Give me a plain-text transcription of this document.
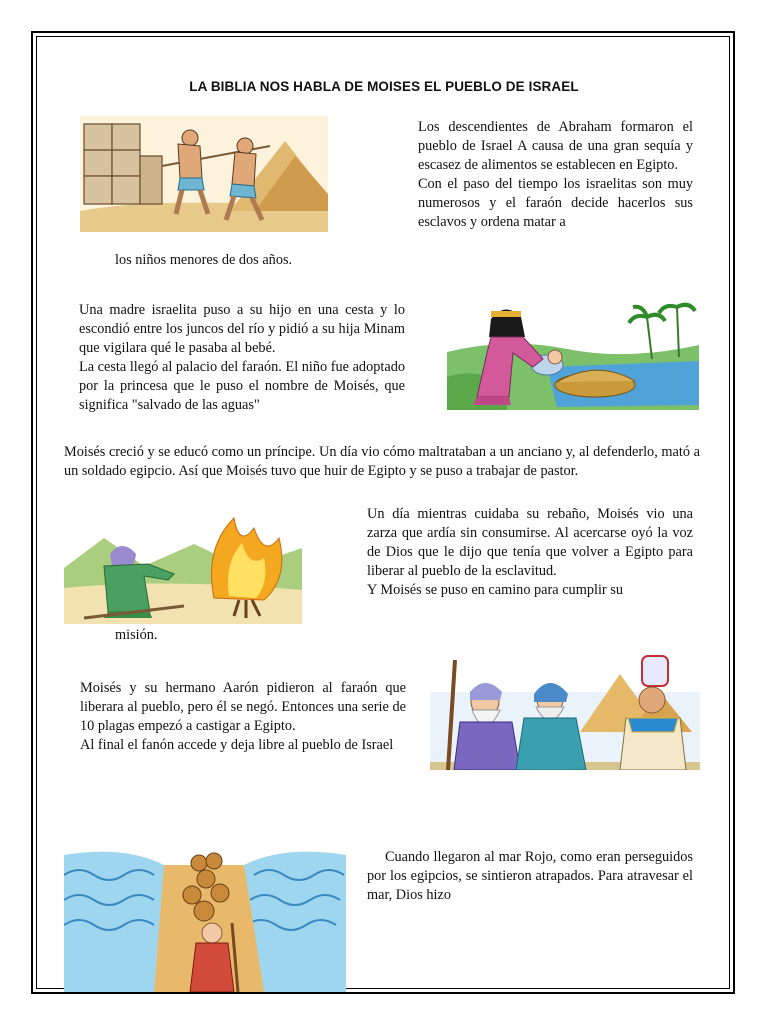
LA BIBLIA NOS HABLA DE MOISES EL PUEBLO DE ISRAEL

Los descendientes de Abraham formaron el pueblo de Israel A causa de una gran sequía y escasez de alimentos se establecen en Egipto.

Con el paso del tiempo los israelitas son muy numerosos y el faraón decide hacerlos sus esclavos y ordena matar a

los niños menores de dos años.

Una madre israelita puso a su hijo en una cesta y lo escondió entre los juncos del río y pidió a su hija Minam que vigilara qué le pasaba al bebé.

La cesta llegó al palacio del faraón. El niño fue adoptado por la princesa que le puso el nombre de Moisés, que significa "salvado de las aguas"

Moisés creció y se educó como un príncipe. Un día vio cómo maltrataban a un anciano y, al defenderlo, mató a un soldado egipcio. Así que Moisés tuvo que huir de Egipto y se puso a trabajar de pastor.

Un día mientras cuidaba su rebaño, Moisés vio una zarza que ardía sin consumirse. Al acercarse oyó la voz de Dios que le dijo que tenía que volver a Egipto para liberar al pueblo de la esclavitud.

Y Moisés se puso en camino para cumplir su

misión.

Moisés y su hermano Aarón pidieron al faraón que liberara al pueblo, pero él se negó. Entonces una serie de 10 plagas empezó a castigar a Egipto.

Al final el fanón accede y deja libre al pueblo de Israel

Cuando llegaron al mar Rojo, como eran perseguidos por los egipcios, se sintieron atrapados. Para atravesar el mar, Dios hizo
